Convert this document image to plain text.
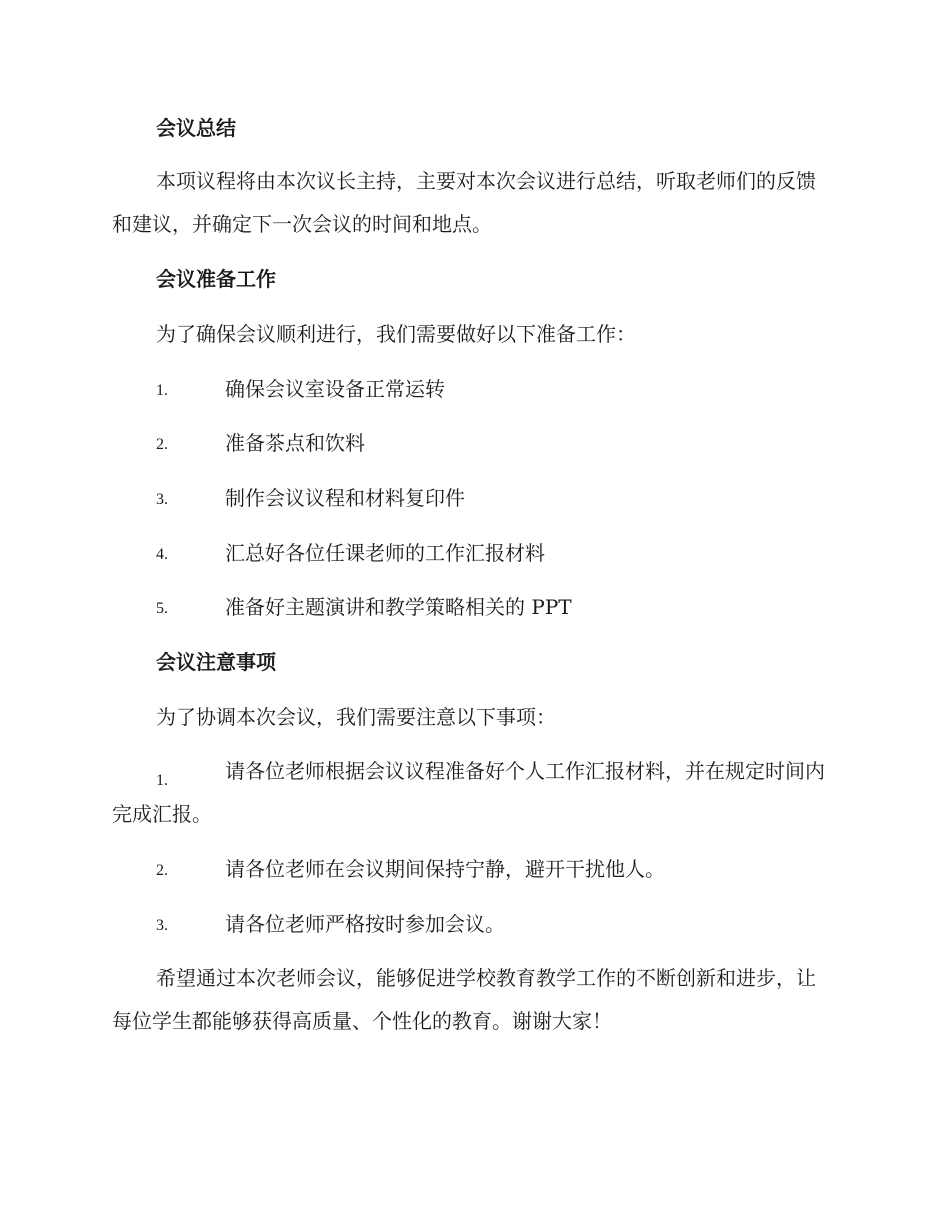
会议总结
本项议程将由本次议长主持，主要对本次会议进行总结，听取老师们的反馈和建议，并确定下一次会议的时间和地点。
会议准备工作
为了确保会议顺利进行，我们需要做好以下准备工作：
1.	确保会议室设备正常运转
2.	准备茶点和饮料
3.	制作会议议程和材料复印件
4.	汇总好各位任课老师的工作汇报材料
5.	准备好主题演讲和教学策略相关的 PPT
会议注意事项
为了协调本次会议，我们需要注意以下事项：
1.	请各位老师根据会议议程准备好个人工作汇报材料，并在规定时间内完成汇报。
2.	请各位老师在会议期间保持宁静，避开干扰他人。
3.	请各位老师严格按时参加会议。
希望通过本次老师会议，能够促进学校教育教学工作的不断创新和进步，让每位学生都能够获得高质量、个性化的教育。谢谢大家！
